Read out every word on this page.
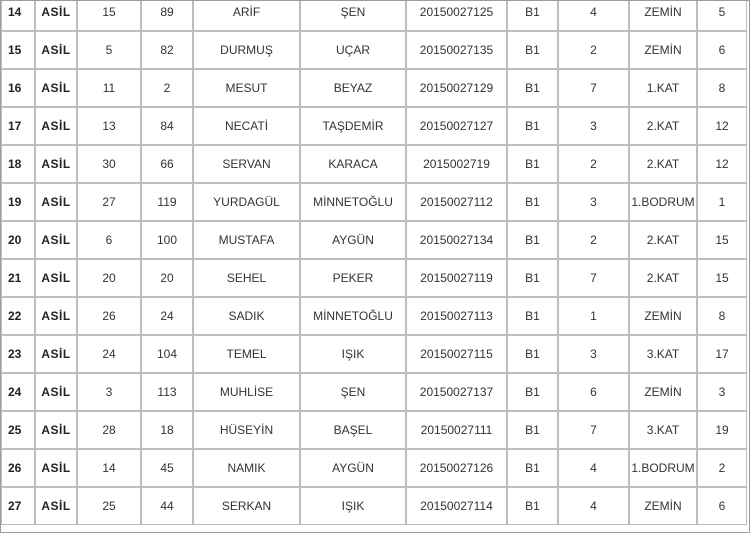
14	ASİL	15	89	ARİF	ŞEN	20150027125	B1	4	ZEMİN	5
15	ASİL	5	82	DURMUŞ	UÇAR	20150027135	B1	2	ZEMİN	6
16	ASİL	11	2	MESUT	BEYAZ	20150027129	B1	7	1.KAT	8
17	ASİL	13	84	NECATİ	TAŞDEMİR	20150027127	B1	3	2.KAT	12
18	ASİL	30	66	SERVAN	KARACA	2015002719	B1	2	2.KAT	12
19	ASİL	27	119	YURDAGÜL	MİNNETOĞLU	20150027112	B1	3	1.BODRUM	1
20	ASİL	6	100	MUSTAFA	AYGÜN	20150027134	B1	2	2.KAT	15
21	ASİL	20	20	SEHEL	PEKER	20150027119	B1	7	2.KAT	15
22	ASİL	26	24	SADIK	MİNNETOĞLU	20150027113	B1	1	ZEMİN	8
23	ASİL	24	104	TEMEL	IŞIK	20150027115	B1	3	3.KAT	17
24	ASİL	3	113	MUHLİSE	ŞEN	20150027137	B1	6	ZEMİN	3
25	ASİL	28	18	HÜSEYİN	BAŞEL	20150027111	B1	7	3.KAT	19
26	ASİL	14	45	NAMIK	AYGÜN	20150027126	B1	4	1.BODRUM	2
27	ASİL	25	44	SERKAN	IŞIK	20150027114	B1	4	ZEMİN	6
